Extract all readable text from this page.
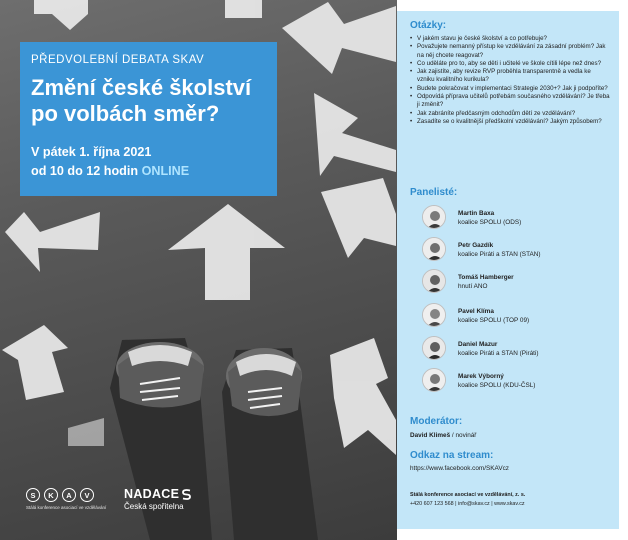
PŘEDVOLEBNÍ DEBATA SKAV
Změní české školství
po volbách směr?
V pátek 1. října 2021
od 10 do 12 hodin ONLINE
S	K	A	V
Stálá konference asociací ve vzdělávání
NADACE
Česká spořitelna
Otázky:
• V jakém stavu je české školství a co potřebuje?
• Považujete nemanný přístup ke vzdělávání za zásadní problém? Jak na něj chcete reagovat?
• Co uděláte pro to, aby se děti i učitelé ve škole cítili lépe než dnes?
• Jak zajistíte, aby revize RVP proběhla transparentně a vedla ke vzniku kvalitního kurikula?
• Budete pokračovat v implementaci Strategie 2030+? Jak ji podpoříte?
• Odpovídá příprava učitelů potřebám současného vzdělávání? Je třeba ji změnit?
• Jak zabráníte předčasným odchodům dětí ze vzdělávání?
• Zasadíte se o kvalitnější předškolní vzdělávání? Jakým způsobem?
Panelisté:
Martin Baxa
koalice SPOLU (ODS)
Petr Gazdík
koalice Piráti a STAN (STAN)
Tomáš Hamberger
hnutí ANO
Pavel Klíma
koalice SPOLU (TOP 09)
Daniel Mazur
koalice Piráti a STAN (Piráti)
Marek Výborný
koalice SPOLU (KDU-ČSL)
Moderátor:
David Klimeš / novinář
Odkaz na stream:
https://www.facebook.com/SKAVcz
Stálá konference asociací ve vzdělávání, z. s.
+420 607 123 568 | info@skav.cz | www.skav.cz
